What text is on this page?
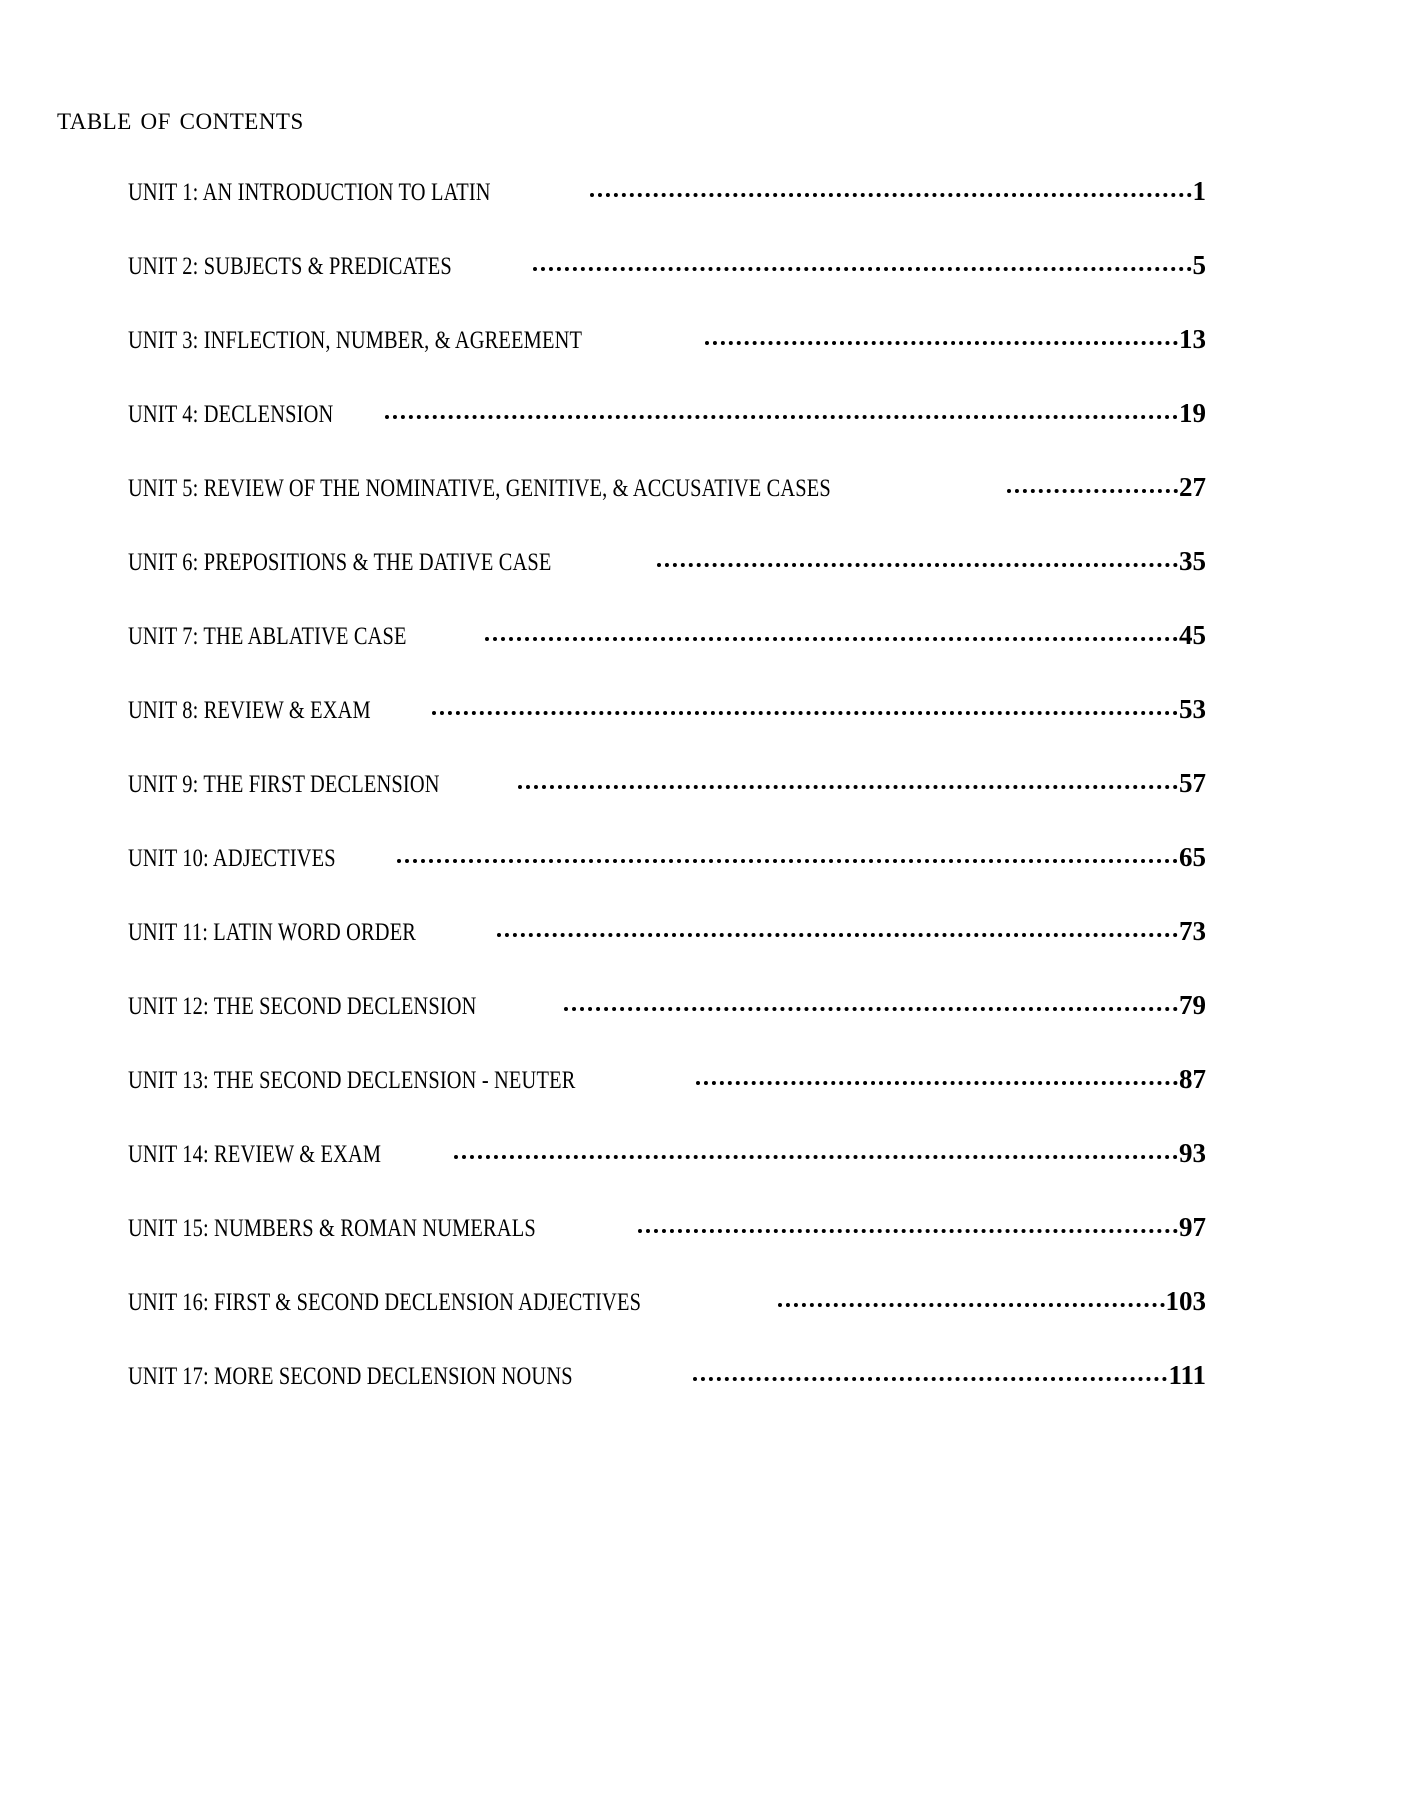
table of contents
UNIT 1: AN INTRODUCTION TO LATIN	1
UNIT 2: SUBJECTS & PREDICATES	5
UNIT 3: INFLECTION, NUMBER, & AGREEMENT	13
UNIT 4: DECLENSION	19
UNIT 5: REVIEW OF THE NOMINATIVE, GENITIVE, & ACCUSATIVE CASES	27
UNIT 6: PREPOSITIONS & THE DATIVE CASE	35
UNIT 7: THE ABLATIVE CASE	45
UNIT 8: REVIEW & EXAM	53
UNIT 9: THE FIRST DECLENSION	57
UNIT 10: ADJECTIVES	65
UNIT 11: LATIN WORD ORDER	73
UNIT 12: THE SECOND DECLENSION	79
UNIT 13: THE SECOND DECLENSION - NEUTER	87
UNIT 14: REVIEW & EXAM	93
UNIT 15: NUMBERS & ROMAN NUMERALS	97
UNIT 16: FIRST & SECOND DECLENSION ADJECTIVES	103
UNIT 17: MORE SECOND DECLENSION NOUNS	111
